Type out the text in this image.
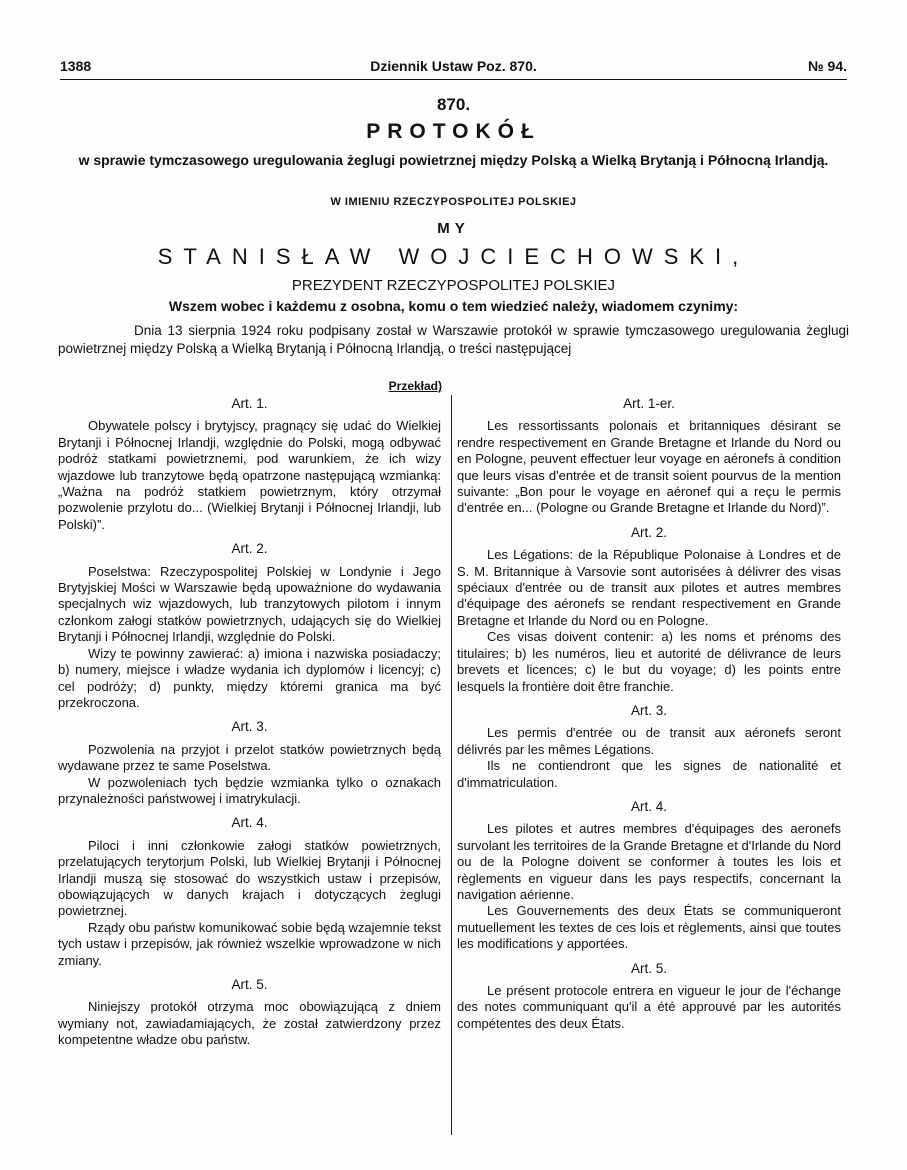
1388	Dziennik Ustaw Poz. 870.	№ 94.
870.
PROTOKÓŁ
w sprawie tymczasowego uregulowania żeglugi powietrznej między Polską a Wielką Brytanją i Północną Irlandją.
W IMIENIU RZECZYPOSPOLITEJ POLSKIEJ
MY
STANISŁAW WOJCIECHOWSKI,
PREZYDENT RZECZYPOSPOLITEJ POLSKIEJ
Wszem wobec i każdemu z osobna, komu o tem wiedzieć należy, wiadomem czynimy:
Dnia 13 sierpnia 1924 roku podpisany został w Warszawie protokół w sprawie tymczasowego uregulowania żeglugi powietrznej między Polską a Wielką Brytanją i Północną Irlandją, o treści następującej
Przekład)
Art. 1.

Obywatele polscy i brytyjscy, pragnący się udać do Wielkiej Brytanji i Północnej Irlandji, względnie do Polski, mogą odbywać podróż statkami powietrznemi, pod warunkiem, że ich wizy wjazdowe lub tranzytowe będą opatrzone następującą wzmianką: „Ważna na podróż statkiem powietrznym, który otrzymał pozwolenie przylotu do... (Wielkiej Brytanji i Północnej Irlandji, lub Polski)”.

Art. 2.

Poselstwa: Rzeczypospolitej Polskiej w Londynie i Jego Brytyjskiej Mości w Warszawie będą upoważnione do wydawania specjalnych wiz wjazdowych, lub tranzytowych pilotom i innym członkom załogi statków powietrznych, udających się do Wielkiej Brytanji i Północnej Irlandji, względnie do Polski.

Wizy te powinny zawierać: a) imiona i nazwiska posiadaczy; b) numery, miejsce i władze wydania ich dyplomów i licencyj; c) cel podróży; d) punkty, między któremi granica ma być przekroczona.

Art. 3.

Pozwolenia na przyjot i przelot statków powietrznych będą wydawane przez te same Poselstwa.

W pozwoleniach tych będzie wzmianka tylko o oznakach przynależności państwowej i imatrykulacji.

Art. 4.

Piloci i inni członkowie załogi statków powietrznych, przelatujących terytorjum Polski, lub Wielkiej Brytanji i Północnej Irlandji muszą się stosować do wszystkich ustaw i przepisów, obowiązujących w danych krajach i dotyczących żeglugi powietrznej.

Rządy obu państw komunikować sobie będą wzajemnie tekst tych ustaw i przepisów, jak również wszelkie wprowadzone w nich zmiany.

Art. 5.

Niniejszy protokół otrzyma moc obowiązującą z dniem wymiany not, zawiadamiających, że został zatwierdzony przez kompetentne władze obu państw.

Art. 1-er.

Les ressortissants polonais et britanniques désirant se rendre respectivement en Grande Bretagne et Irlande du Nord ou en Pologne, peuvent effectuer leur voyage en aéronefs à condition que leurs visas d'entrée et de transit soient pourvus de la mention suivante: „Bon pour le voyage en aéronef qui a reçu le permis d'entrée en... (Pologne ou Grande Bretagne et Irlande du Nord)”.

Art. 2.

Les Légations: de la République Polonaise à Londres et de S. M. Britannique à Varsovie sont autorisées à délivrer des visas spéciaux d'entrée ou de transit aux pilotes et autres membres d'équipage des aéronefs se rendant respectivement en Grande Bretagne et Irlande du Nord ou en Pologne.

Ces visas doivent contenir: a) les noms et prénoms des titulaires; b) les numéros, lieu et autorité de délivrance de leurs brevets et licences; c) le but du voyage; d) les points entre lesquels la frontière doit être franchie.

Art. 3.

Les permis d'entrée ou de transit aux aéronefs seront délivrés par les mêmes Légations.

Ils ne contiendront que les signes de nationalité et d'immatriculation.

Art. 4.

Les pilotes et autres membres d'équipages des aeronefs survolant les territoires de la Grande Bretagne et d'Irlande du Nord ou de la Pologne doivent se conformer à toutes les lois et règlements en vigueur dans les pays respectifs, concernant la navigation aérienne.

Les Gouvernements des deux États se communiqueront mutuellement les textes de ces lois et règlements, ainsi que toutes les modifications y apportées.

Art. 5.

Le présent protocole entrera en vigueur le jour de l'échange des notes communiquant qu'il a été approuvé par les autorités compétentes des deux États.
